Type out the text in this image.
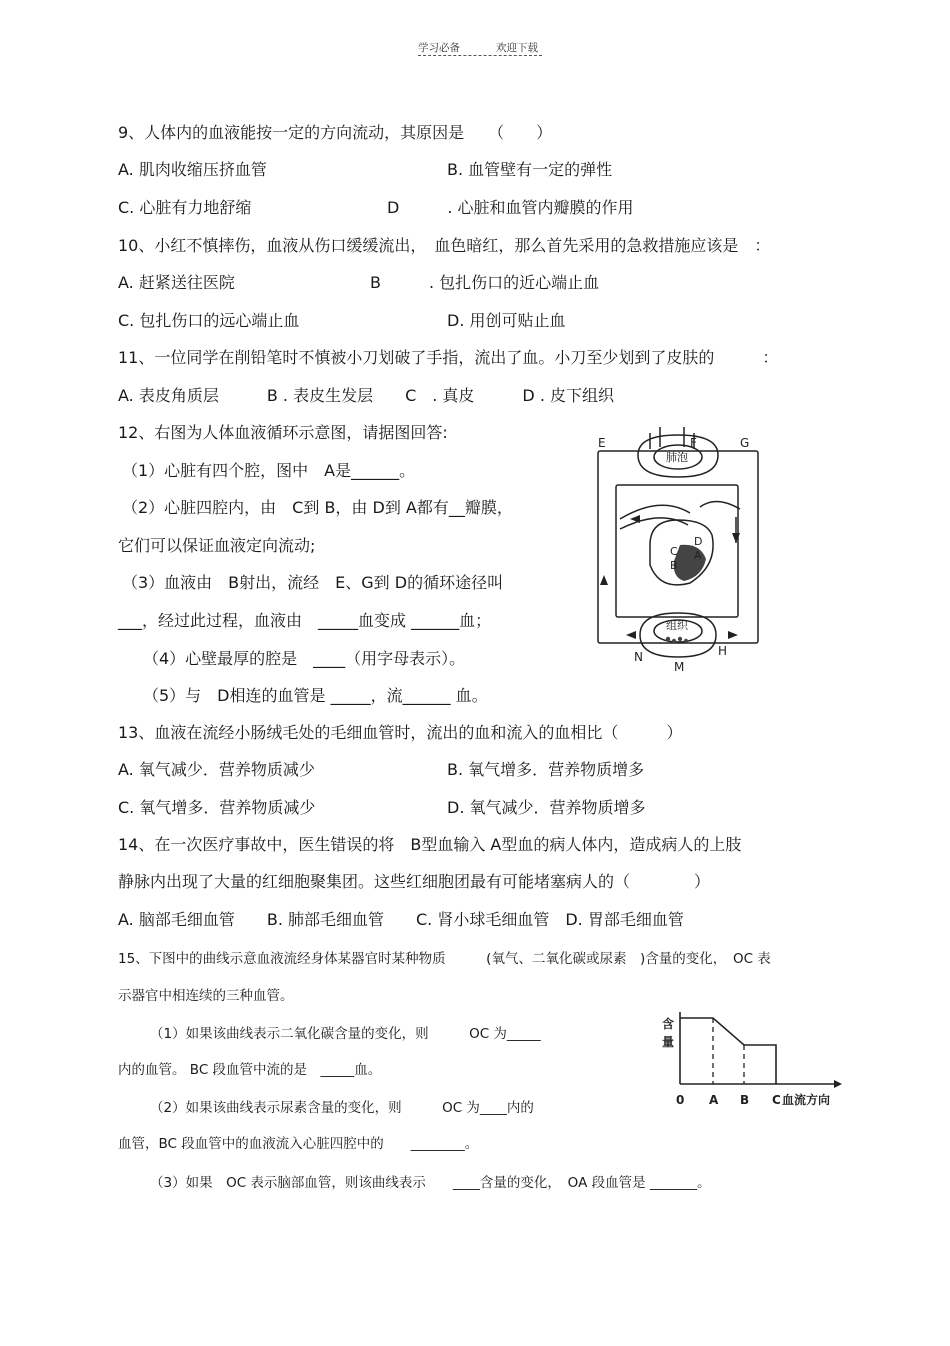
学习必备	欢迎下载
9、人体内的血液能按一定的方向流动，其原因是　　（　　）
A. 肌肉收缩压挤血管	B. 血管壁有一定的弹性
C. 心脏有力地舒缩	D　　　. 心脏和血管内瓣膜的作用
10、小红不慎摔伤，血液从伤口缓缓流出，　血色暗红，那么首先采用的急救措施应该是　：
A. 赶紧送往医院	B　　　. 包扎伤口的近心端止血
C. 包扎伤口的远心端止血	D. 用创可贴止血
11、一位同学在削铅笔时不慎被小刀划破了手指，流出了血。小刀至少划到了皮肤的　　　：
A. 表皮角质层　　　B . 表皮生发层　　C　. 真皮　　　D . 皮下组织
12、右图为人体血液循环示意图，请据图回答:
（1）心脏有四个腔，图中　A是______。
（2）心脏四腔内，由　C到 B，由 D到 A都有__瓣膜，
它们可以保证血液定向流动;
（3）血液由　B射出，流经　E、G到 D的循环途径叫
___，经过此过程，血液由　_____血变成 ______血；
（4）心壁最厚的腔是　____（用字母表示）。
（5）与　D相连的血管是 _____，流______ 血。
13、血液在流经小肠绒毛处的毛细血管时，流出的血和流入的血相比（　　　）
A. 氧气减少．营养物质减少	B. 氧气增多．营养物质增多
C. 氧气增多．营养物质减少	D. 氧气减少．营养物质增多
14、在一次医疗事故中，医生错误的将　B型血输入 A型血的病人体内，造成病人的上肢
静脉内出现了大量的红细胞聚集团。这些红细胞团最有可能堵塞病人的（　　　　）
A. 脑部毛细血管　　B. 肺部毛细血管　　C. 肾小球毛细血管　D. 胃部毛细血管
15、下图中的曲线示意血液流经身体某器官时某种物质　　　(氧气、二氧化碳或尿素　)含量的变化，　OC 表
示器官中相连续的三种血管。
（1）如果该曲线表示二氧化碳含量的变化，则　　　OC 为_____
内的血管。 BC 段血管中流的是　_____血。
（2）如果该曲线表示尿素含量的变化，则　　　OC 为____内的
血管，BC 段血管中的血液流入心脏四腔中的　　________。
（3）如果　OC 表示脑部血管，则该曲线表示　　____含量的变化，　OA 段血管是 _______。
E	F	G
肺泡
C
D
A
B
组织
N
M
H
含
量
0 A B C 血流方向
